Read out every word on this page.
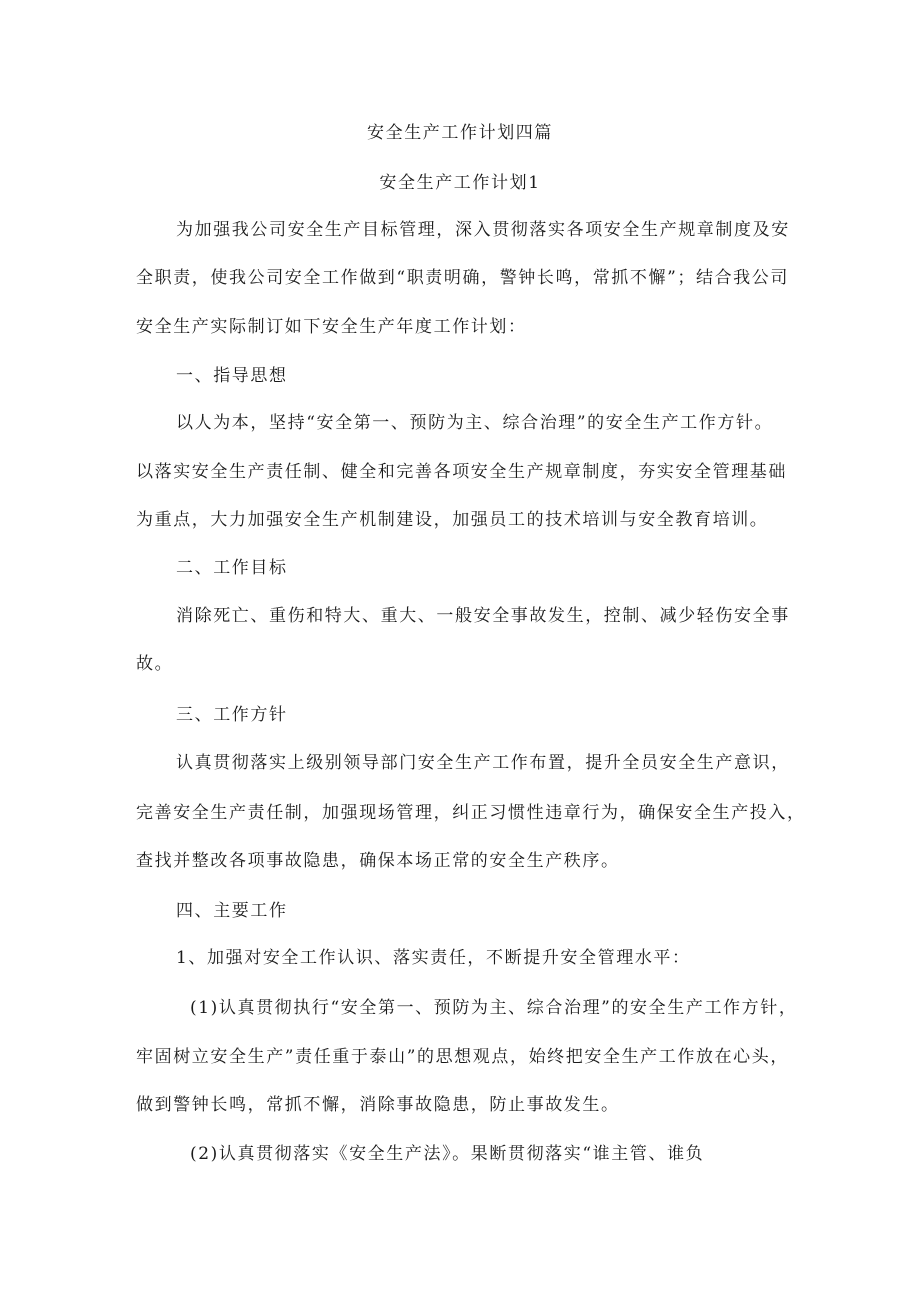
安全生产工作计划四篇
安全生产工作计划1
为加强我公司安全生产目标管理，深入贯彻落实各项安全生产规章制度及安
全职责，使我公司安全工作做到“职责明确，警钟长鸣，常抓不懈”；结合我公司
安全生产实际制订如下安全生产年度工作计划：
一、指导思想
以人为本，坚持“安全第一、预防为主、综合治理”的安全生产工作方针。
以落实安全生产责任制、健全和完善各项安全生产规章制度，夯实安全管理基础
为重点，大力加强安全生产机制建设，加强员工的技术培训与安全教育培训。
二、工作目标
消除死亡、重伤和特大、重大、一般安全事故发生，控制、减少轻伤安全事
故。
三、工作方针
认真贯彻落实上级别领导部门安全生产工作布置，提升全员安全生产意识，
完善安全生产责任制，加强现场管理，纠正习惯性违章行为，确保安全生产投入，
查找并整改各项事故隐患，确保本场正常的安全生产秩序。
四、主要工作
1、加强对安全工作认识、落实责任，不断提升安全管理水平：
(1)认真贯彻执行“安全第一、预防为主、综合治理”的安全生产工作方针，
牢固树立安全生产”责任重于泰山”的思想观点，始终把安全生产工作放在心头，
做到警钟长鸣，常抓不懈，消除事故隐患，防止事故发生。
(2)认真贯彻落实《安全生产法》。果断贯彻落实“谁主管、谁负
